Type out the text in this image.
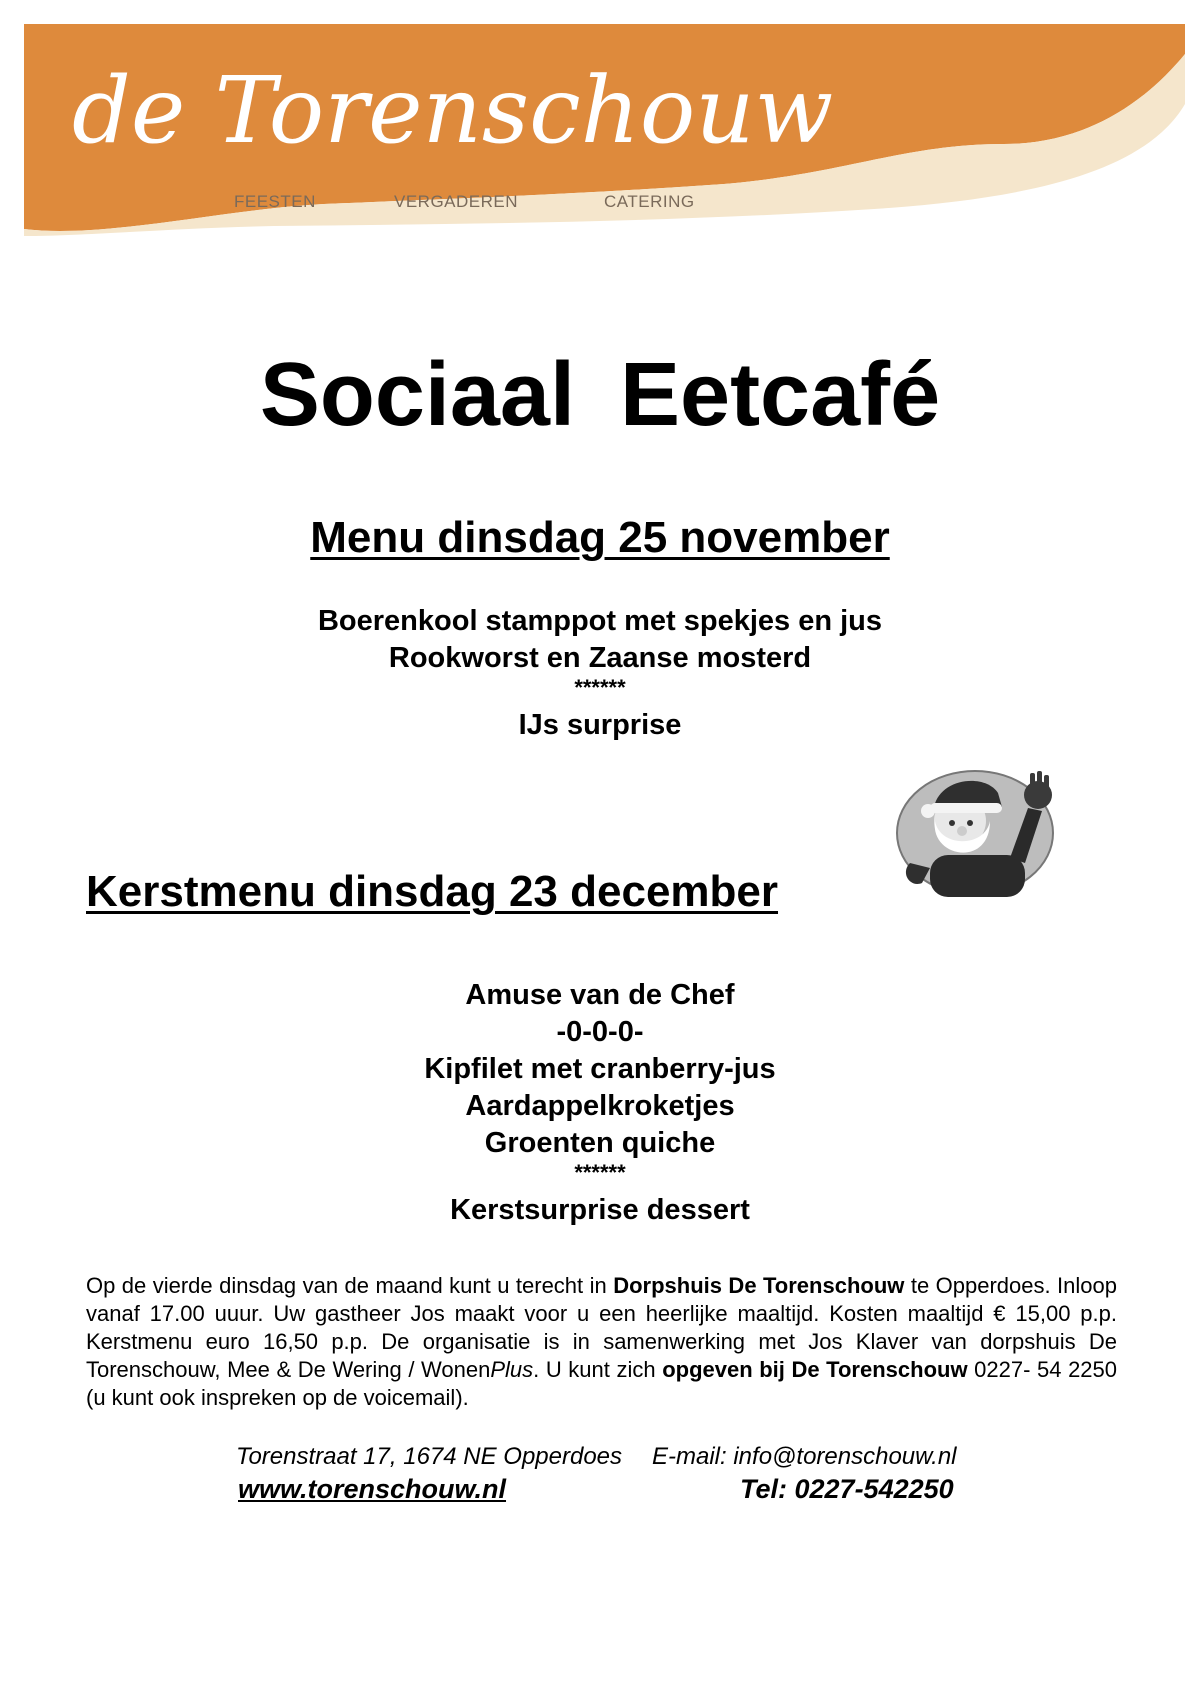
de Torenschouw
FEESTEN	VERGADEREN	CATERING
Sociaal Eetcafé
Menu dinsdag 25 november
Boerenkool stamppot met spekjes en jus
Rookworst en Zaanse mosterd
******
IJs surprise
Kerstmenu dinsdag 23 december
Amuse van de Chef
-0-0-0-
Kipfilet met cranberry-jus
Aardappelkroketjes
Groenten quiche
******
Kerstsurprise dessert
Op de vierde dinsdag van de maand kunt u terecht in Dorpshuis De Torenschouw te Opperdoes. Inloop vanaf 17.00 uuur. Uw gastheer Jos maakt voor u een heerlijke maaltijd. Kosten maaltijd € 15,00 p.p. Kerstmenu euro 16,50 p.p. De organisatie is in samenwerking met Jos Klaver van dorpshuis De Torenschouw, Mee & De Wering / WonenPlus. U kunt zich opgeven bij De Torenschouw 0227- 54 2250 (u kunt ook inspreken op de voicemail).
Torenstraat 17, 1674 NE Opperdoes E-mail: info@torenschouw.nl
www.torenschouw.nl	Tel: 0227-542250
